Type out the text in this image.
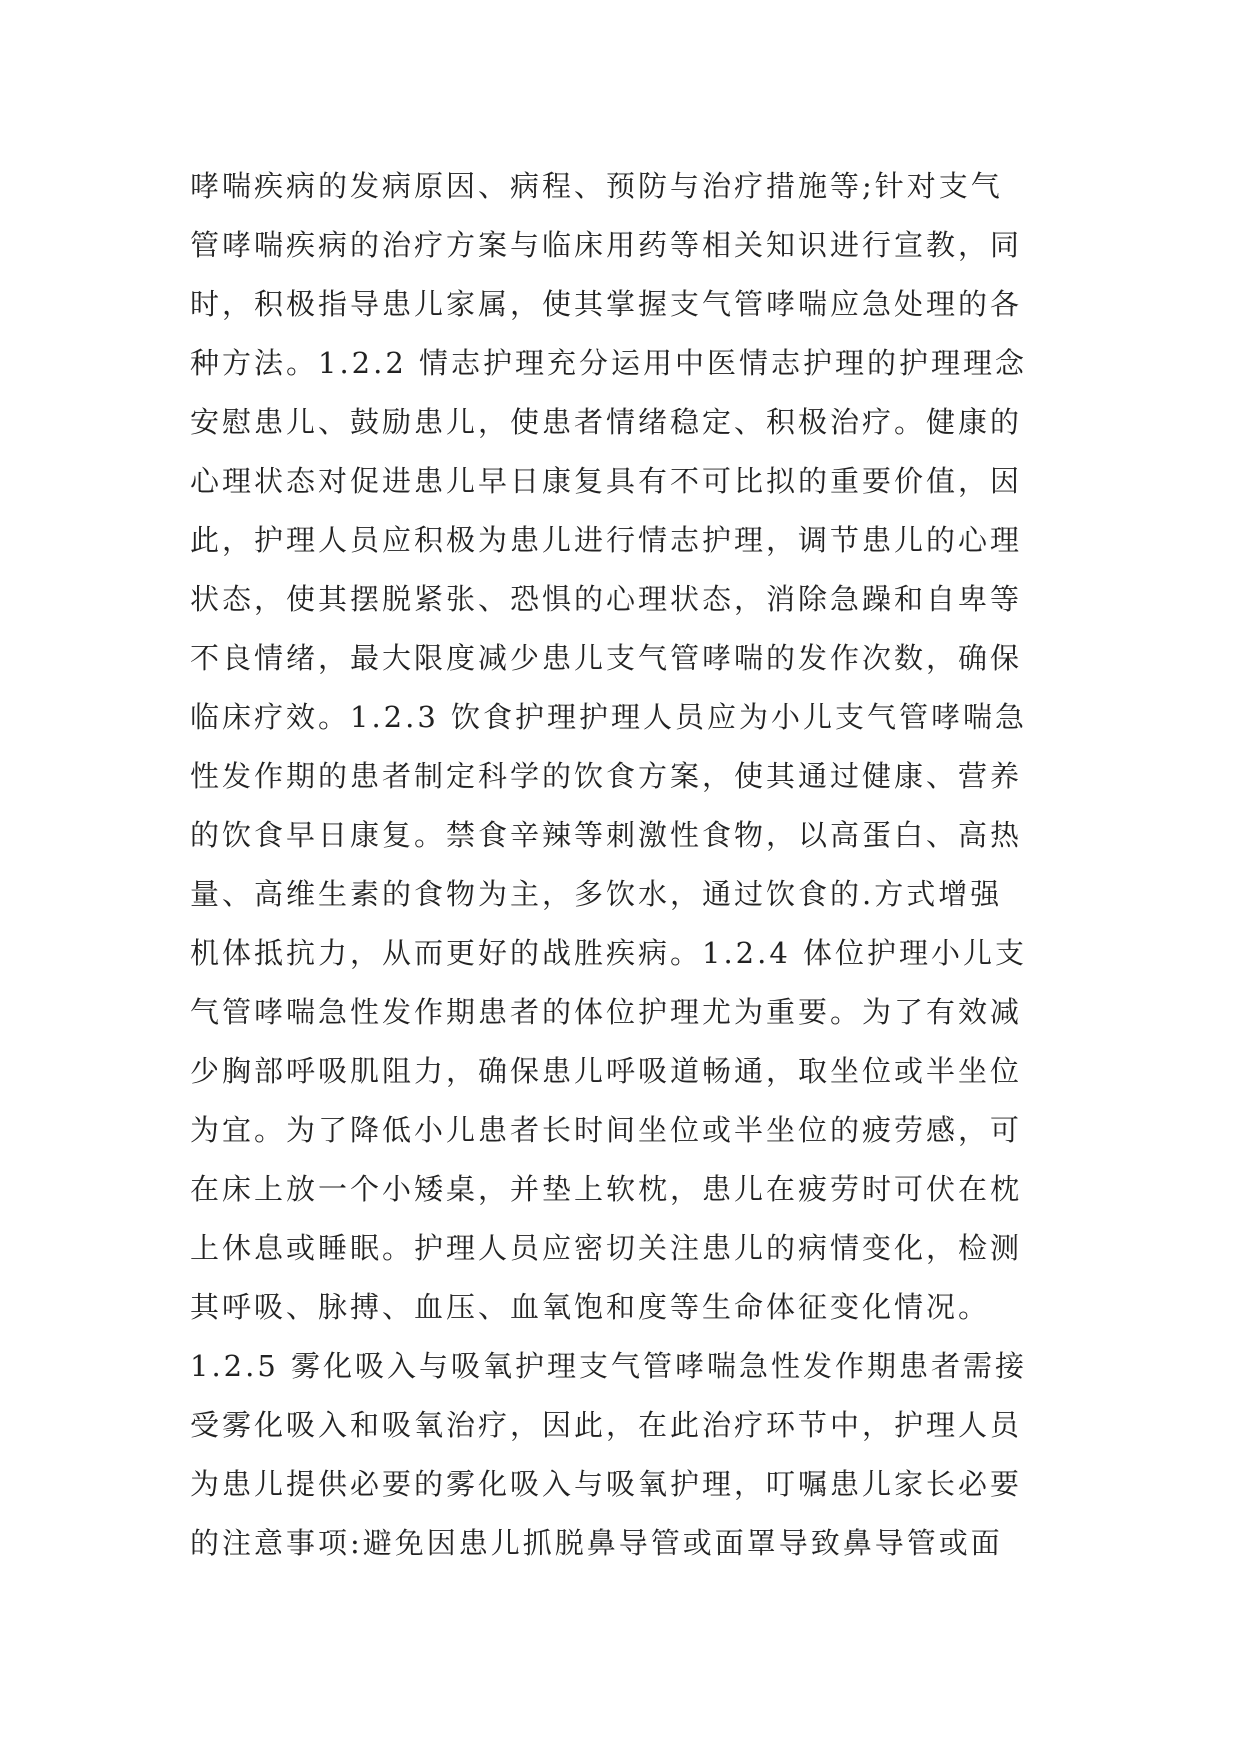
哮喘疾病的发病原因、病程、预防与治疗措施等;针对支气
管哮喘疾病的治疗方案与临床用药等相关知识进行宣教，同
时，积极指导患儿家属，使其掌握支气管哮喘应急处理的各
种方法。1.2.2 情志护理充分运用中医情志护理的护理理念
安慰患儿、鼓励患儿，使患者情绪稳定、积极治疗。健康的
心理状态对促进患儿早日康复具有不可比拟的重要价值，因
此，护理人员应积极为患儿进行情志护理，调节患儿的心理
状态，使其摆脱紧张、恐惧的心理状态，消除急躁和自卑等
不良情绪，最大限度减少患儿支气管哮喘的发作次数，确保
临床疗效。1.2.3 饮食护理护理人员应为小儿支气管哮喘急
性发作期的患者制定科学的饮食方案，使其通过健康、营养
的饮食早日康复。禁食辛辣等刺激性食物，以高蛋白、高热
量、高维生素的食物为主，多饮水，通过饮食的.方式增强
机体抵抗力，从而更好的战胜疾病。1.2.4 体位护理小儿支
气管哮喘急性发作期患者的体位护理尤为重要。为了有效减
少胸部呼吸肌阻力，确保患儿呼吸道畅通，取坐位或半坐位
为宜。为了降低小儿患者长时间坐位或半坐位的疲劳感，可
在床上放一个小矮桌，并垫上软枕，患儿在疲劳时可伏在枕
上休息或睡眠。护理人员应密切关注患儿的病情变化，检测
其呼吸、脉搏、血压、血氧饱和度等生命体征变化情况。
1.2.5 雾化吸入与吸氧护理支气管哮喘急性发作期患者需接
受雾化吸入和吸氧治疗，因此，在此治疗环节中，护理人员
为患儿提供必要的雾化吸入与吸氧护理，叮嘱患儿家长必要
的注意事项:避免因患儿抓脱鼻导管或面罩导致鼻导管或面
